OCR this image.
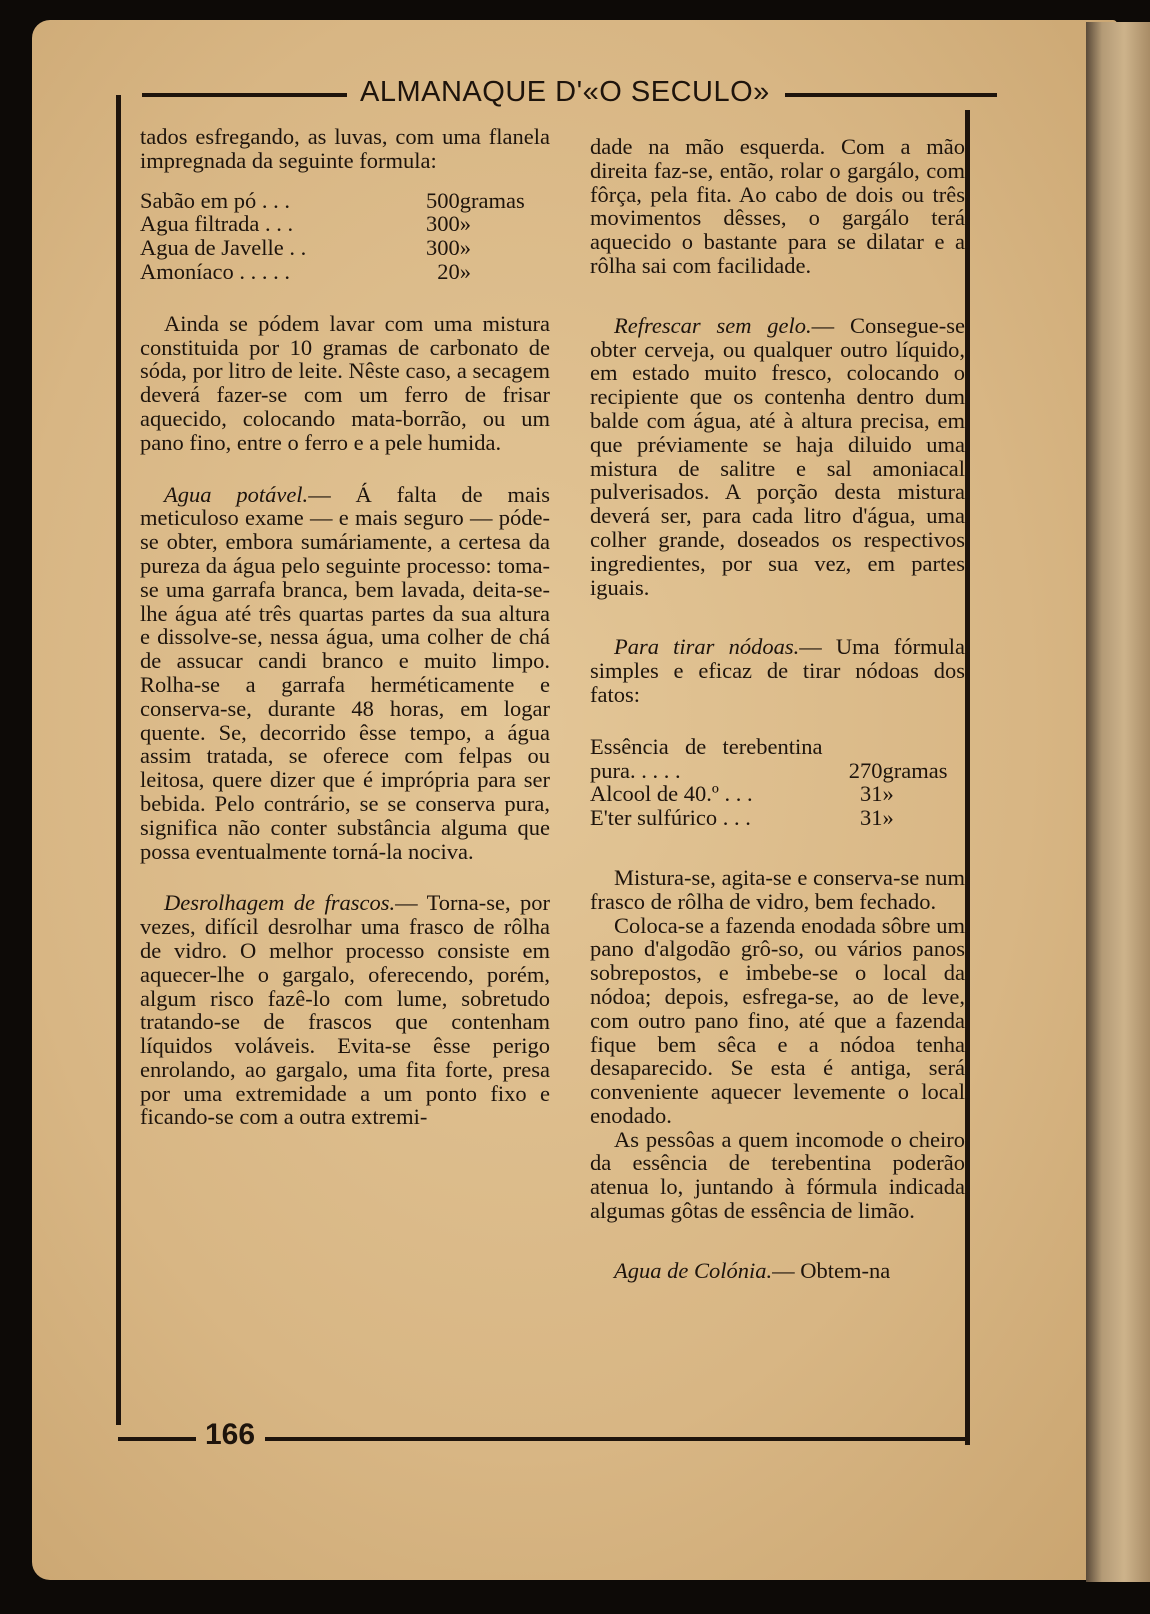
ALMANAQUE D'«O SECULO»
166

tados esfregando, as luvas, com uma flanela impregnada da seguinte formula:

Sabão em pó . . .	500	gramas
Agua filtrada . . .	300	»
Agua de Javelle . .	300	»
Amoníaco . . . . .	20	»

Ainda se pódem lavar com uma mistura constituida por 10 gramas de carbonato de sóda, por litro de leite. Nêste caso, a secagem deverá fazer-se com um ferro de frisar aquecido, colocando mata-borrão, ou um pano fino, entre o ferro e a pele humida.

Agua potável.— Á falta de mais meticuloso exame — e mais seguro — póde-se obter, embora sumáriamente, a certesa da pureza da água pelo seguinte processo: toma-se uma garrafa branca, bem lavada, deita-se-lhe água até três quartas partes da sua altura e dissolve-se, nessa água, uma colher de chá de assucar candi branco e muito limpo. Rolha-se a garrafa herméticamente e conserva-se, durante 48 horas, em logar quente. Se, decorrido êsse tempo, a água assim tratada, se oferece com felpas ou leitosa, quere dizer que é imprópria para ser bebida. Pelo contrário, se se conserva pura, significa não conter substância alguma que possa eventualmente torná-la nociva.

Desrolhagem de frascos.— Torna-se, por vezes, difícil desrolhar uma frasco de rôlha de vidro. O melhor processo consiste em aquecer-lhe o gargalo, oferecendo, porém, algum risco fazê-lo com lume, sobretudo tratando-se de frascos que contenham líquidos voláveis. Evita-se êsse perigo enrolando, ao gargalo, uma fita forte, presa por uma extremidade a um ponto fixo e ficando-se com a outra extremi-

dade na mão esquerda. Com a mão direita faz-se, então, rolar o gargálo, com fôrça, pela fita. Ao cabo de dois ou três movimentos dêsses, o gargálo terá aquecido o bastante para se dilatar e a rôlha sai com facilidade.

Refrescar sem gelo.— Consegue-se obter cerveja, ou qualquer outro líquido, em estado muito fresco, colocando o recipiente que os contenha dentro dum balde com água, até à altura precisa, em que préviamente se haja diluido uma mistura de salitre e sal amoniacal pulverisados. A porção desta mistura deverá ser, para cada litro d'água, uma colher grande, doseados os respectivos ingredientes, por sua vez, em partes iguais.

Para tirar nódoas.— Uma fórmula simples e eficaz de tirar nódoas dos fatos:

Essência de terebentina pura. . . . .	270	gramas
Alcool de 40.º . . .	31	»
E'ter sulfúrico . . .	31	»

Mistura-se, agita-se e conserva-se num frasco de rôlha de vidro, bem fechado.

Coloca-se a fazenda enodada sôbre um pano d'algodão grô-so, ou vários panos sobrepostos, e imbebe-se o local da nódoa; depois, esfrega-se, ao de leve, com outro pano fino, até que a fazenda fique bem sêca e a nódoa tenha desaparecido. Se esta é antiga, será conveniente aquecer levemente o local enodado.

As pessôas a quem incomode o cheiro da essência de terebentina poderão atenua lo, juntando à fórmula indicada algumas gôtas de essência de limão.

Agua de Colónia.— Obtem-na
